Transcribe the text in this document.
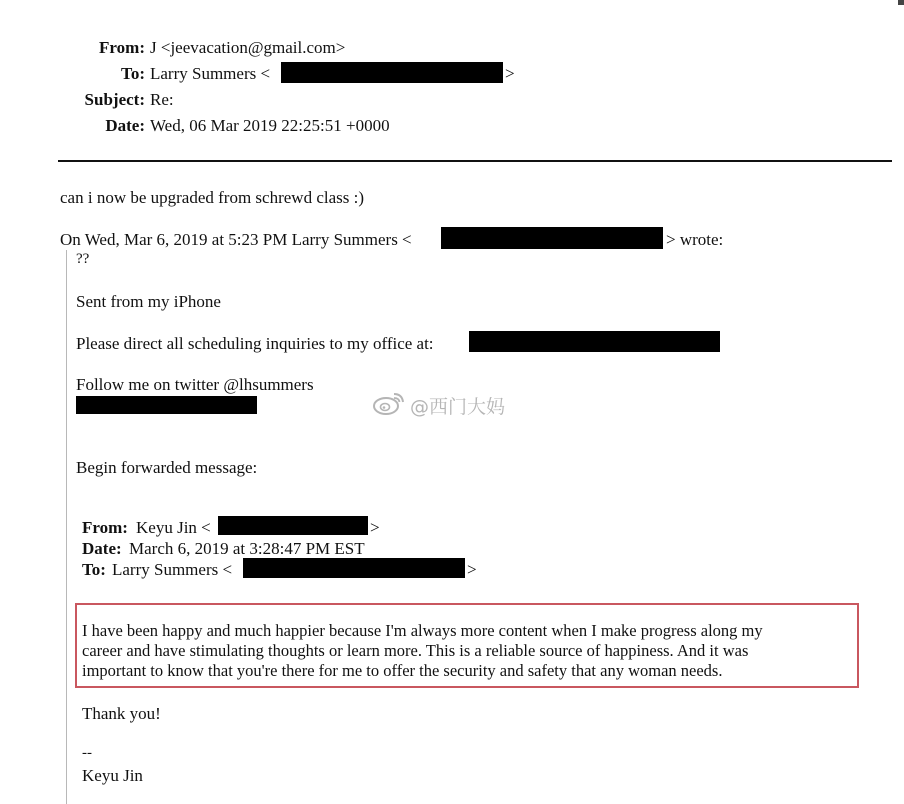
From: J <jeevacation@gmail.com>
To: Larry Summers <	>
Subject: Re:
Date: Wed, 06 Mar 2019 22:25:51 +0000
can i now be upgraded from schrewd class :)
On Wed, Mar 6, 2019 at 5:23 PM Larry Summers <	> wrote:
??
Sent from my iPhone
Please direct all scheduling inquiries to my office at:
Follow me on twitter @lhsummers
Begin forwarded message:
From: Keyu Jin <	>
Date: March 6, 2019 at 3:28:47 PM EST
To: Larry Summers <	>
I have been happy and much happier because I'm always more content when I make progress along my
career and have stimulating thoughts or learn more. This is a reliable source of happiness. And it was
important to know that you're there for me to offer the security and safety that any woman needs.
Thank you!
--
Keyu Jin
@西门大妈
